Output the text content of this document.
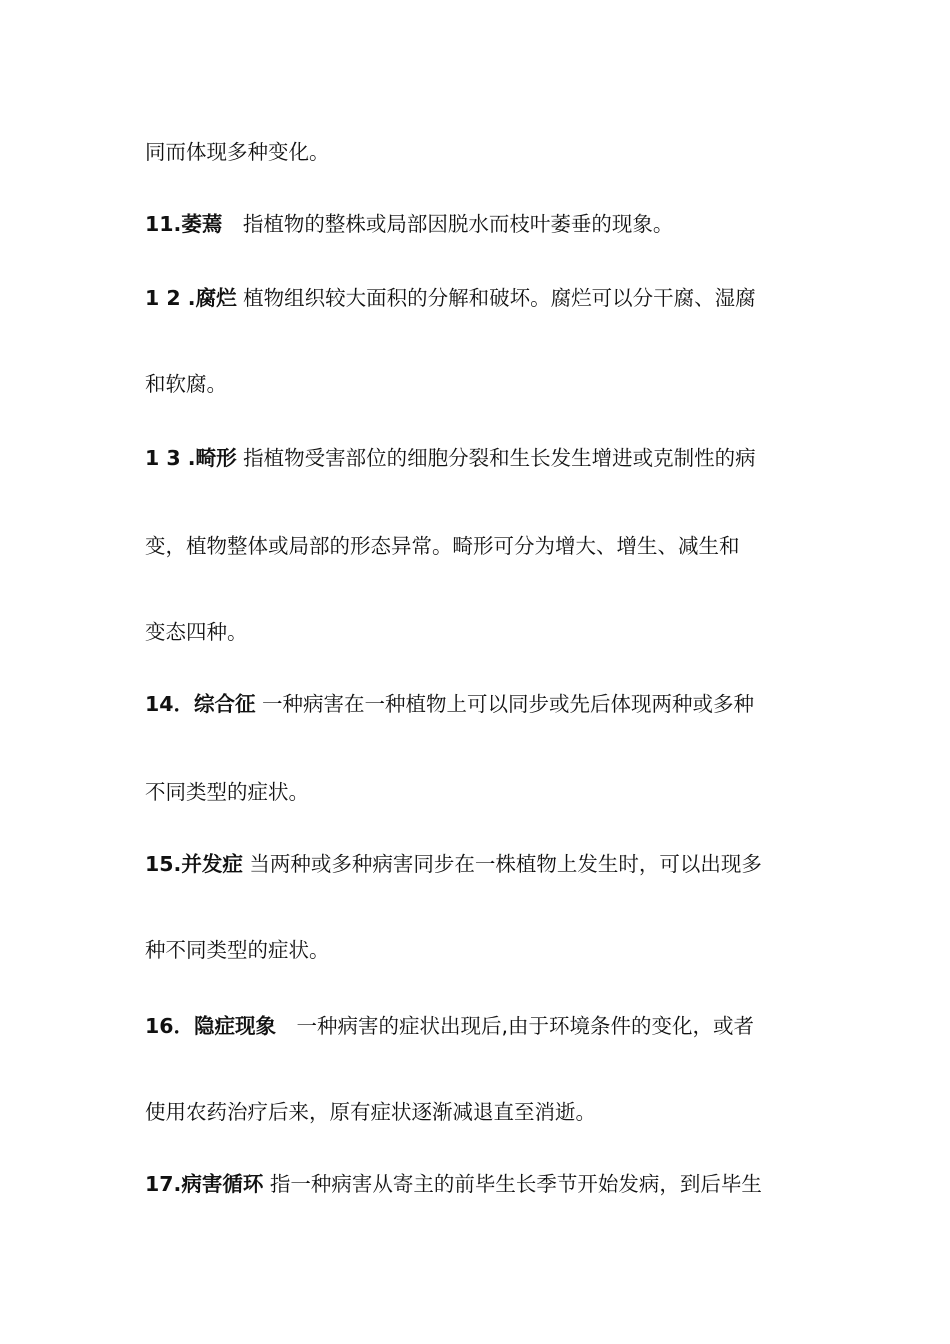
同而体现多种变化。
11.萎蔫　指植物的整株或局部因脱水而枝叶萎垂的现象。
1 2 .腐烂 植物组织较大面积的分解和破坏。腐烂可以分干腐、湿腐
和软腐。
1 3 .畸形 指植物受害部位的细胞分裂和生长发生增进或克制性的病
变，植物整体或局部的形态异常。畸形可分为增大、增生、减生和
变态四种。
14．综合征 一种病害在一种植物上可以同步或先后体现两种或多种
不同类型的症状。
15.并发症 当两种或多种病害同步在一株植物上发生时，可以出现多
种不同类型的症状。
16．隐症现象　一种病害的症状出现后,由于环境条件的变化，或者
使用农药治疗后来，原有症状逐渐减退直至消逝。
17.病害循环 指一种病害从寄主的前毕生长季节开始发病，到后毕生
